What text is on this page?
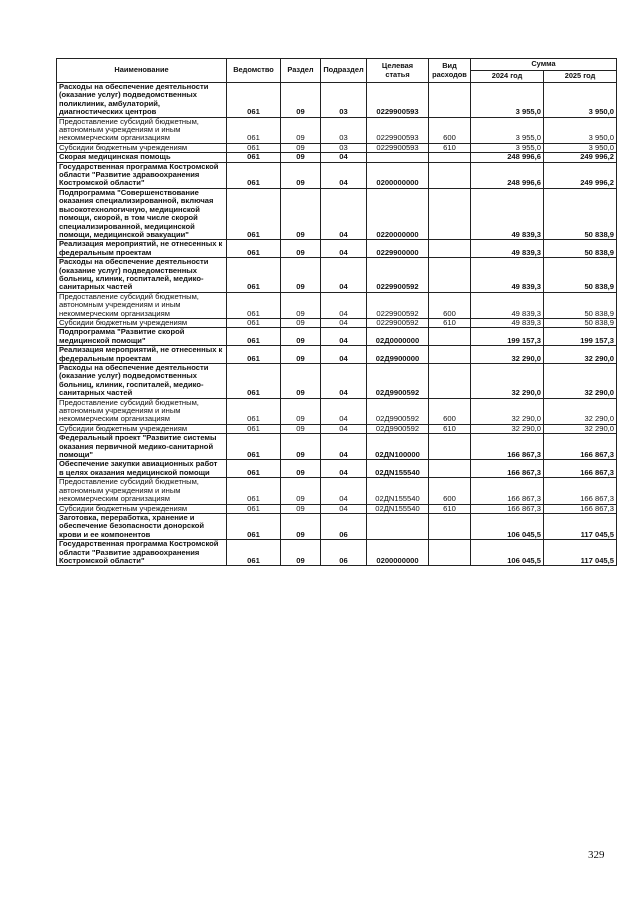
Наименование	Ведомство	Раздел	Подраздел	Целевая статья	Вид расходов	Сумма	
						2024 год	2025 год
Расходы на обеспечение деятельности (оказание услуг) подведомственных поликлиник, амбулаторий, диагностических центров	061	09	03	0229900593		3 955,0	3 950,0
Предоставление субсидий бюджетным, автономным учреждениям и иным некоммерческим организациям	061	09	03	0229900593	600	3 955,0	3 950,0
Субсидии бюджетным учреждениям	061	09	03	0229900593	610	3 955,0	3 950,0
Скорая медицинская помощь	061	09	04			248 996,6	249 996,2
Государственная программа Костромской области "Развитие здравоохранения Костромской области"	061	09	04	0200000000		248 996,6	249 996,2
Подпрограмма "Совершенствование оказания специализированной, включая высокотехнологичную, медицинской помощи, скорой, в том числе скорой специализированной, медицинской помощи, медицинской эвакуации"	061	09	04	0220000000		49 839,3	50 838,9
Реализация мероприятий, не отнесенных к федеральным проектам	061	09	04	0229900000		49 839,3	50 838,9
Расходы на обеспечение деятельности (оказание услуг) подведомственных больниц, клиник, госпиталей, медико-санитарных частей	061	09	04	0229900592		49 839,3	50 838,9
Предоставление субсидий бюджетным, автономным учреждениям и иным некоммерческим организациям	061	09	04	0229900592	600	49 839,3	50 838,9
Субсидии бюджетным учреждениям	061	09	04	0229900592	610	49 839,3	50 838,9
Подпрограмма "Развитие скорой медицинской помощи"	061	09	04	02Д0000000		199 157,3	199 157,3
Реализация мероприятий, не отнесенных к федеральным проектам	061	09	04	02Д9900000		32 290,0	32 290,0
Расходы на обеспечение деятельности (оказание услуг) подведомственных больниц, клиник, госпиталей, медико-санитарных частей	061	09	04	02Д9900592		32 290,0	32 290,0
Предоставление субсидий бюджетным, автономным учреждениям и иным некоммерческим организациям	061	09	04	02Д9900592	600	32 290,0	32 290,0
Субсидии бюджетным учреждениям	061	09	04	02Д9900592	610	32 290,0	32 290,0
Федеральный проект "Развитие системы оказания первичной медико-санитарной помощи"	061	09	04	02ДN100000		166 867,3	166 867,3
Обеспечение закупки авиационных работ в целях оказания медицинской помощи	061	09	04	02ДN155540		166 867,3	166 867,3
Предоставление субсидий бюджетным, автономным учреждениям и иным некоммерческим организациям	061	09	04	02ДN155540	600	166 867,3	166 867,3
Субсидии бюджетным учреждениям	061	09	04	02ДN155540	610	166 867,3	166 867,3
Заготовка, переработка, хранение и обеспечение безопасности донорской крови и ее компонентов	061	09	06			106 045,5	117 045,5
Государственная программа Костромской области "Развитие здравоохранения Костромской области"	061	09	06	0200000000		106 045,5	117 045,5
329
